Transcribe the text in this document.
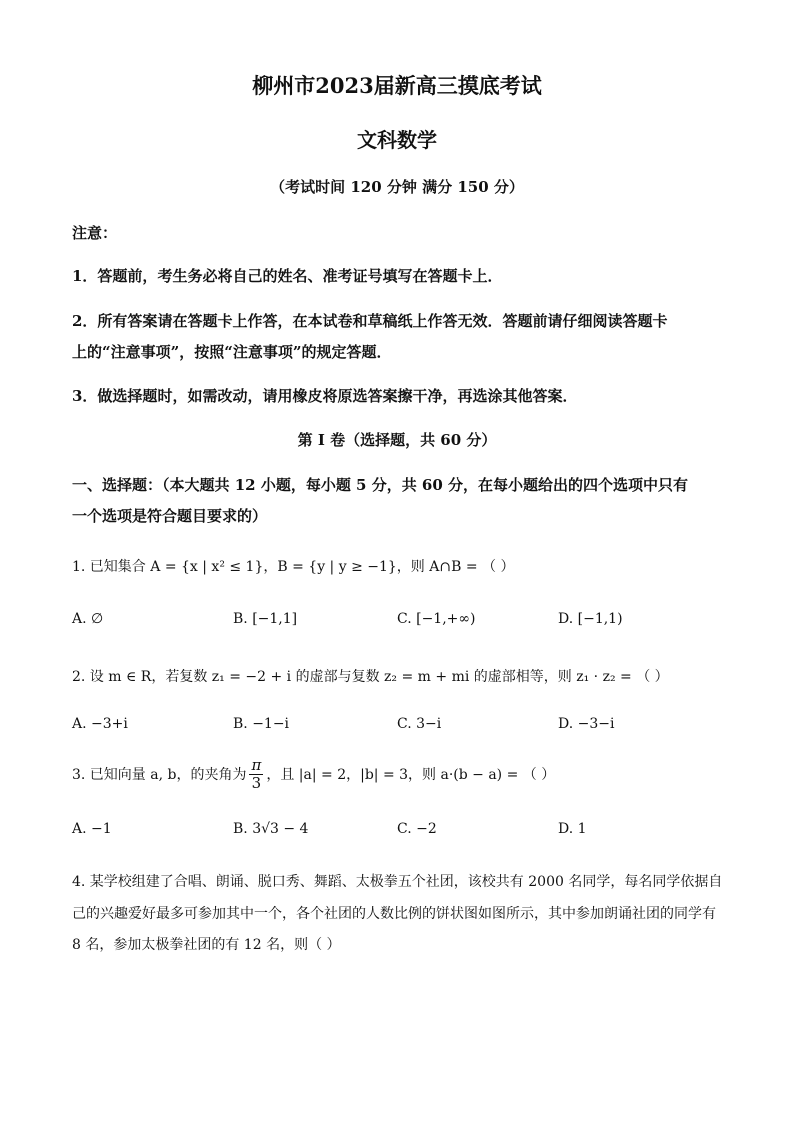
柳州市2023届新高三摸底考试
文科数学
（考试时间 120 分钟 满分 150 分）
注意：
1．答题前，考生务必将自己的姓名、准考证号填写在答题卡上．
2．所有答案请在答题卡上作答，在本试卷和草稿纸上作答无效．答题前请仔细阅读答题卡
上的“注意事项”，按照“注意事项”的规定答题．
3．做选择题时，如需改动，请用橡皮将原选答案擦干净，再选涂其他答案．
第 I 卷（选择题，共 60 分）
一、选择题：（本大题共 12 小题，每小题 5 分，共 60 分，在每小题给出的四个选项中只有
一个选项是符合题目要求的）
1. 已知集合 A = {x | x² ≤ 1}，B = {y | y ≥ −1}，则 A∩B = （ ）
A. ∅	B. [−1,1]	C. [−1,+∞)	D. [−1,1)
2. 设 m ∈ R，若复数 z₁ = −2 + i 的虚部与复数 z₂ = m + mi 的虚部相等，则 z₁ · z₂ = （ ）
A. −3+i	B. −1−i	C. 3−i	D. −3−i
3. 已知向量 a, b，的夹角为 $\frac{\pi}{3}$ ，且 |a| = 2，|b| = 3，则 a·(b − a) = （ ）
A. −1	B. 3√3 − 4	C. −2	D. 1
4. 某学校组建了合唱、朗诵、脱口秀、舞蹈、太极拳五个社团，该校共有 2000 名同学，每名同学依据自
己的兴趣爱好最多可参加其中一个，各个社团的人数比例的饼状图如图所示，其中参加朗诵社团的同学有
8 名，参加太极拳社团的有 12 名，则（ ）
